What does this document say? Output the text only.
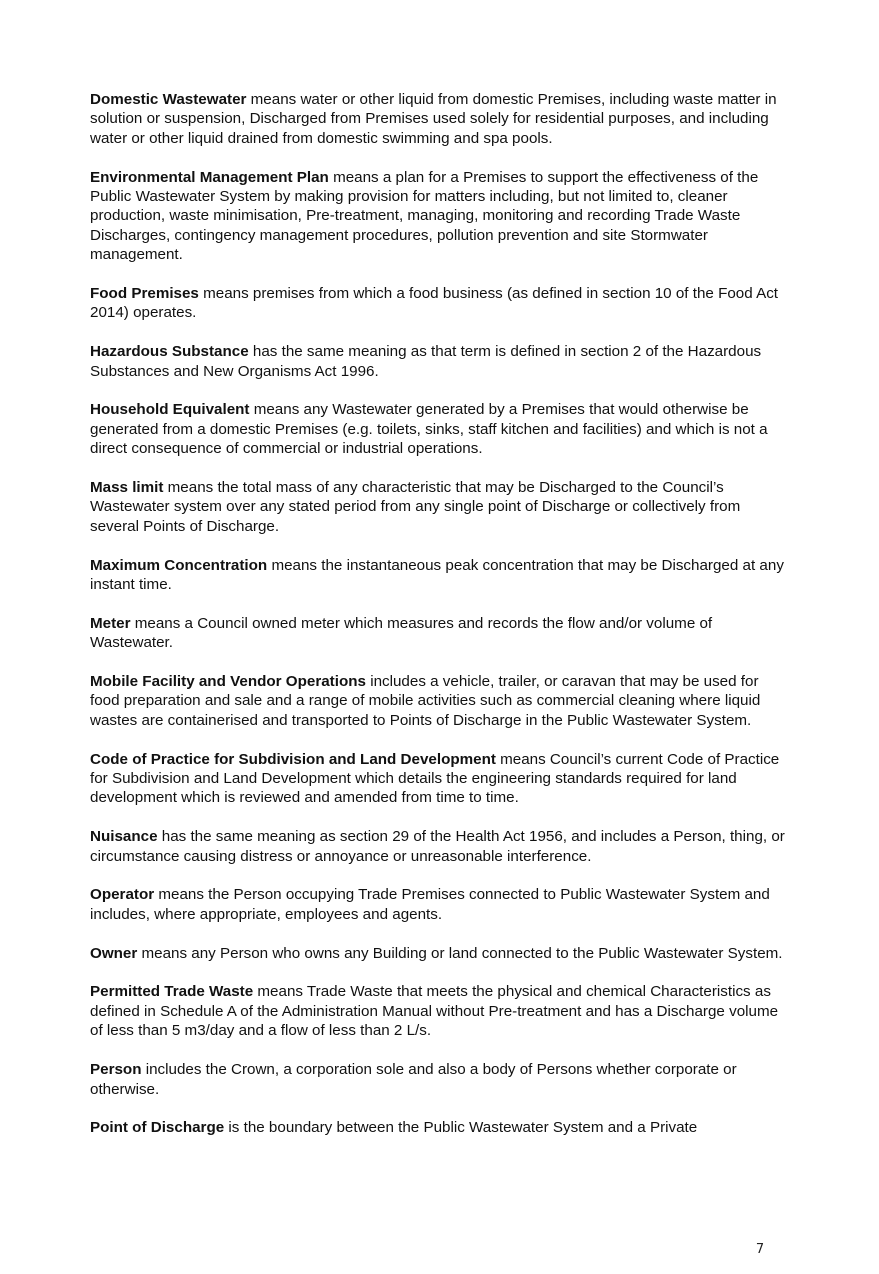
Domestic Wastewater means water or other liquid from domestic Premises, including waste matter in solution or suspension, Discharged from Premises used solely for residential purposes, and including water or other liquid drained from domestic swimming and spa pools.

Environmental Management Plan means a plan for a Premises to support the effectiveness of the Public Wastewater System by making provision for matters including, but not limited to, cleaner production, waste minimisation, Pre-treatment, managing, monitoring and recording Trade Waste Discharges, contingency management procedures, pollution prevention and site Stormwater management.

Food Premises means premises from which a food business (as defined in section 10 of the Food Act 2014) operates.

Hazardous Substance has the same meaning as that term is defined in section 2 of the Hazardous Substances and New Organisms Act 1996.

Household Equivalent means any Wastewater generated by a Premises that would otherwise be generated from a domestic Premises (e.g. toilets, sinks, staff kitchen and facilities) and which is not a direct consequence of commercial or industrial operations.

Mass limit means the total mass of any characteristic that may be Discharged to the Council’s Wastewater system over any stated period from any single point of Discharge or collectively from several Points of Discharge.

Maximum Concentration means the instantaneous peak concentration that may be Discharged at any instant time.

Meter means a Council owned meter which measures and records the flow and/or volume of Wastewater.

Mobile Facility and Vendor Operations includes a vehicle, trailer, or caravan that may be used for food preparation and sale and a range of mobile activities such as commercial cleaning where liquid wastes are containerised and transported to Points of Discharge in the Public Wastewater System.

Code of Practice for Subdivision and Land Development means Council’s current Code of Practice for Subdivision and Land Development which details the engineering standards required for land development which is reviewed and amended from time to time.

Nuisance has the same meaning as section 29 of the Health Act 1956, and includes a Person, thing, or circumstance causing distress or annoyance or unreasonable interference.

Operator means the Person occupying Trade Premises connected to Public Wastewater System and includes, where appropriate, employees and agents.

Owner means any Person who owns any Building or land connected to the Public Wastewater System.

Permitted Trade Waste means Trade Waste that meets the physical and chemical Characteristics as defined in Schedule A of the Administration Manual without Pre-treatment and has a Discharge volume of less than 5 m3/day and a flow of less than 2 L/s.

Person includes the Crown, a corporation sole and also a body of Persons whether corporate or otherwise.

Point of Discharge is the boundary between the Public Wastewater System and a Private

7
